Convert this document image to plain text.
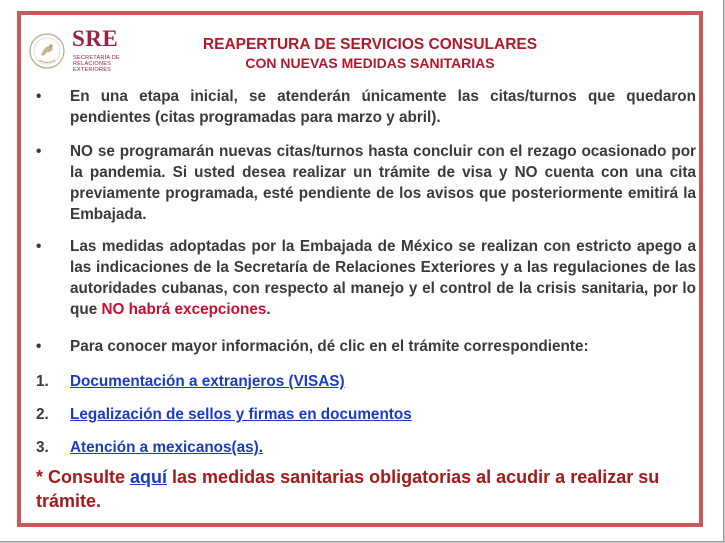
SRE
SECRETARÍA DE
RELACIONES
EXTERIORES
REAPERTURA DE SERVICIOS CONSULARES
CON NUEVAS MEDIDAS SANITARIAS
•	En una etapa inicial, se atenderán únicamente las citas/turnos que quedaron pendientes (citas programadas para marzo y abril).
•	NO se programarán nuevas citas/turnos hasta concluir con el rezago ocasionado por la pandemia. Si usted desea realizar un trámite de visa y NO cuenta con una cita previamente programada, esté pendiente de los avisos que posteriormente emitirá la Embajada.
•	Las medidas adoptadas por la Embajada de México se realizan con estricto apego a las indicaciones de la Secretaría de Relaciones Exteriores y a las regulaciones de las autoridades cubanas, con respecto al manejo y el control de la crisis sanitaria, por lo que NO habrá excepciones.
•	Para conocer mayor información, dé clic en el trámite correspondiente:
1. Documentación a extranjeros (VISAS)
2. Legalización de sellos y firmas en documentos
3. Atención a mexicanos(as).
* Consulte aquí las medidas sanitarias obligatorias al acudir a realizar su trámite.
